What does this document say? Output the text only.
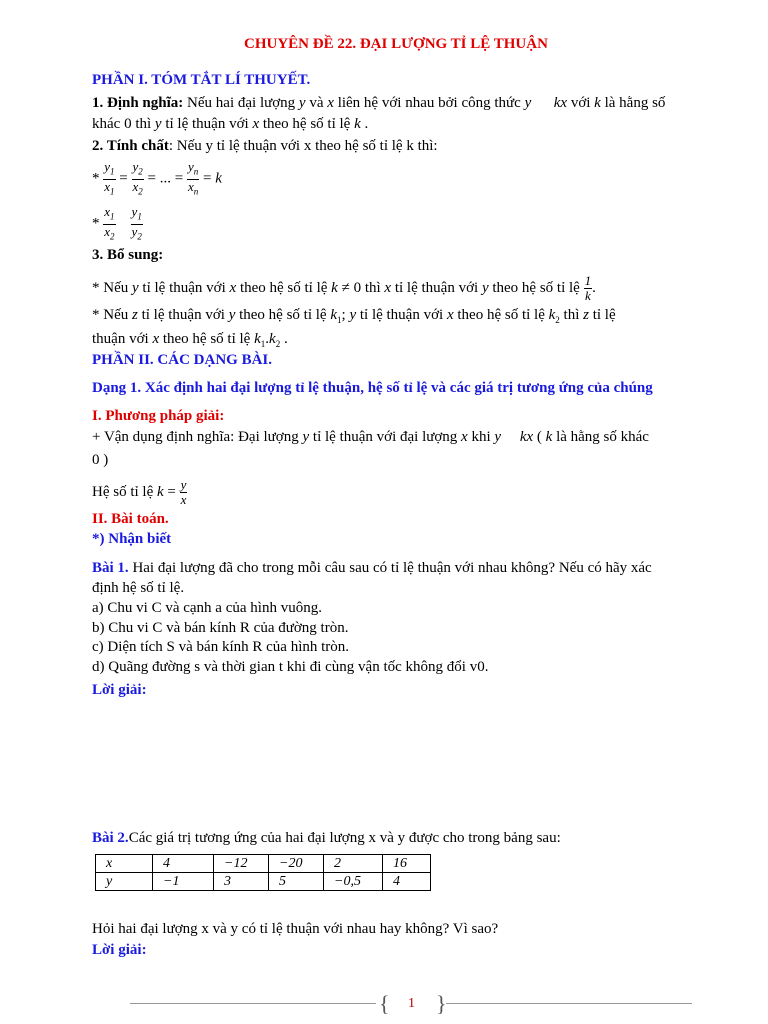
CHUYÊN ĐỀ 22. ĐẠI LƯỢNG TỈ LỆ THUẬN
PHẦN I. TÓM TẮT LÍ THUYẾT.
1. Định nghĩa: Nếu hai đại lượng y và x liên hệ với nhau bởi công thức y kx với k là hằng số
khác 0 thì y tỉ lệ thuận với x theo hệ số tỉ lệ k .
2. Tính chất: Nếu y tỉ lệ thuận với x theo hệ số tỉ lệ k thì:
* $\frac{y_1}{x_1} = \frac{y_2}{x_2}$ = ... = $\frac{y_n}{x_n} = k$
* $\frac{x_1}{x_2}$
$\frac{y_1}{y_2}$
3. Bổ sung:
* Nếu y tỉ lệ thuận với x theo hệ số tỉ lệ k ≠ 0 thì x tỉ lệ thuận với y theo hệ số tỉ lệ $\frac{1}{k}$ .
* Nếu z tỉ lệ thuận với y theo hệ số tỉ lệ $k_1$; y tỉ lệ thuận với x theo hệ số tỉ lệ $k_2$ thì z tỉ lệ
thuận với x theo hệ số tỉ lệ $k_1.k_2$ .
PHẦN II. CÁC DẠNG BÀI.
Dạng 1. Xác định hai đại lượng tỉ lệ thuận, hệ số tỉ lệ và các giá trị tương ứng của chúng
I. Phương pháp giải:
+ Vận dụng định nghĩa: Đại lượng y tỉ lệ thuận với đại lượng x khi y kx ( k là hằng số khác
0 )
Hệ số tỉ lệ $k = \frac{y}{x}$
II. Bài toán.
*) Nhận biết
Bài 1. Hai đại lượng đã cho trong mỗi câu sau có tỉ lệ thuận với nhau không? Nếu có hãy xác
định hệ số tỉ lệ.
a) Chu vi C và cạnh a của hình vuông.
b) Chu vi C và bán kính R của đường tròn.
c) Diện tích S và bán kính R của hình tròn.
d) Quãng đường s và thời gian t khi đi cùng vận tốc không đổi v0.
Lời giải:
Bài 2.Các giá trị tương ứng của hai đại lượng x và y được cho trong bảng sau:
x	4	−12	−20	2	16
y	−1	3	5	−0,5	4
Hỏi hai đại lượng x và y có tỉ lệ thuận với nhau hay không? Vì sao?
Lời giải:
{ }
1
